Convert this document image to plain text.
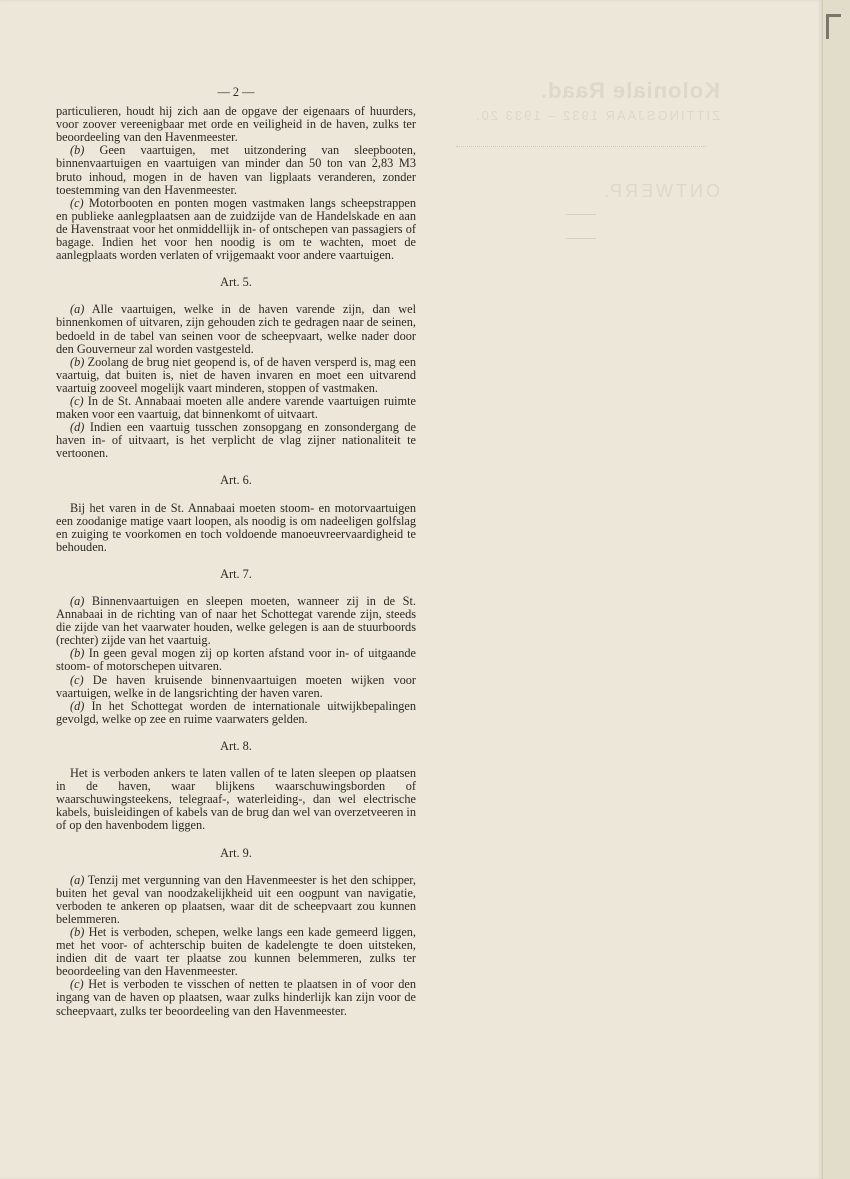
Koloniale Raad.
ZITTINGSJAAR 1932 – 1933 20.
ONTWERP.
— 2 —

particulieren, houdt hij zich aan de opgave der eigenaars of huurders, voor zoover vereenigbaar met orde en veiligheid in de haven, zulks ter beoordeeling van den Havenmeester.

(b) Geen vaartuigen, met uitzondering van sleepbooten, binnenvaartuigen en vaartuigen van minder dan 50 ton van 2,83 M3 bruto inhoud, mogen in de haven van ligplaats veranderen, zonder toestemming van den Havenmeester.

(c) Motorbooten en ponten mogen vastmaken langs scheepstrappen en publieke aanlegplaatsen aan de zuidzijde van de Handelskade en aan de Havenstraat voor het onmiddellijk in- of ontschepen van passagiers of bagage. Indien het voor hen noodig is om te wachten, moet de aanlegplaats worden verlaten of vrijgemaakt voor andere vaartuigen.

Art. 5.

(a) Alle vaartuigen, welke in de haven varende zijn, dan wel binnenkomen of uitvaren, zijn gehouden zich te gedragen naar de seinen, bedoeld in de tabel van seinen voor de scheepvaart, welke nader door den Gouverneur zal worden vastgesteld.

(b) Zoolang de brug niet geopend is, of de haven versperd is, mag een vaartuig, dat buiten is, niet de haven invaren en moet een uitvarend vaartuig zooveel mogelijk vaart minderen, stoppen of vastmaken.

(c) In de St. Annabaai moeten alle andere varende vaartuigen ruimte maken voor een vaartuig, dat binnenkomt of uitvaart.

(d) Indien een vaartuig tusschen zonsopgang en zonsondergang de haven in- of uitvaart, is het verplicht de vlag zijner nationaliteit te vertoonen.

Art. 6.

Bij het varen in de St. Annabaai moeten stoom- en motorvaartuigen een zoodanige matige vaart loopen, als noodig is om nadeeligen golfslag en zuiging te voorkomen en toch voldoende manoeuvreervaardigheid te behouden.

Art. 7.

(a) Binnenvaartuigen en sleepen moeten, wanneer zij in de St. Annabaai in de richting van of naar het Schottegat varende zijn, steeds die zijde van het vaarwater houden, welke gelegen is aan de stuurboords (rechter) zijde van het vaartuig.

(b) In geen geval mogen zij op korten afstand voor in- of uitgaande stoom- of motorschepen uitvaren.

(c) De haven kruisende binnenvaartuigen moeten wijken voor vaartuigen, welke in de langsrichting der haven varen.

(d) In het Schottegat worden de internationale uitwijkbepalingen gevolgd, welke op zee en ruime vaarwaters gelden.

Art. 8.

Het is verboden ankers te laten vallen of te laten sleepen op plaatsen in de haven, waar blijkens waarschuwingsborden of waarschuwingsteekens, telegraaf-, waterleiding-, dan wel electrische kabels, buisleidingen of kabels van de brug dan wel van overzetveeren in of op den havenbodem liggen.

Art. 9.

(a) Tenzij met vergunning van den Havenmeester is het den schipper, buiten het geval van noodzakelijkheid uit een oogpunt van navigatie, verboden te ankeren op plaatsen, waar dit de scheepvaart zou kunnen belemmeren.

(b) Het is verboden, schepen, welke langs een kade gemeerd liggen, met het voor- of achterschip buiten de kadelengte te doen uitsteken, indien dit de vaart ter plaatse zou kunnen belemmeren, zulks ter beoordeeling van den Havenmeester.

(c) Het is verboden te visschen of netten te plaatsen in of voor den ingang van de haven op plaatsen, waar zulks hinderlijk kan zijn voor de scheepvaart, zulks ter beoordeeling van den Havenmeester.
